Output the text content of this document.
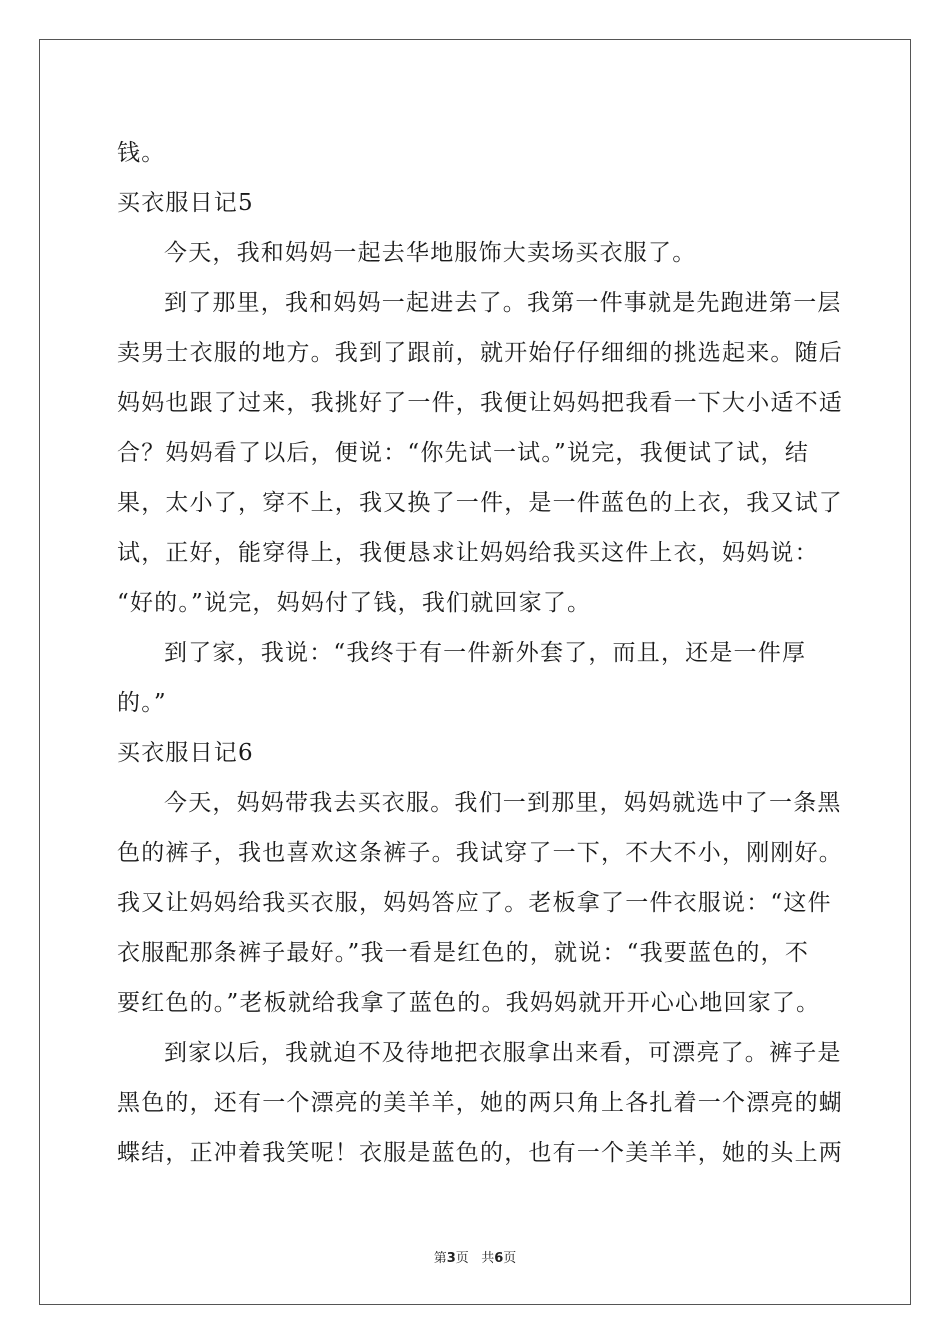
钱。
买衣服日记5
今天，我和妈妈一起去华地服饰大卖场买衣服了。
到了那里，我和妈妈一起进去了。我第一件事就是先跑进第一层
卖男士衣服的地方。我到了跟前，就开始仔仔细细的挑选起来。随后
妈妈也跟了过来，我挑好了一件，我便让妈妈把我看一下大小适不适
合？妈妈看了以后，便说：“你先试一试。”说完，我便试了试，结
果，太小了，穿不上，我又换了一件，是一件蓝色的上衣，我又试了
试，正好，能穿得上，我便恳求让妈妈给我买这件上衣，妈妈说：
“好的。”说完，妈妈付了钱，我们就回家了。
到了家，我说：“我终于有一件新外套了，而且，还是一件厚
的。”
买衣服日记6
今天，妈妈带我去买衣服。我们一到那里，妈妈就选中了一条黑
色的裤子，我也喜欢这条裤子。我试穿了一下，不大不小，刚刚好。
我又让妈妈给我买衣服，妈妈答应了。老板拿了一件衣服说：“这件
衣服配那条裤子最好。”我一看是红色的，就说：“我要蓝色的，不
要红色的。”老板就给我拿了蓝色的。我妈妈就开开心心地回家了。
到家以后，我就迫不及待地把衣服拿出来看，可漂亮了。裤子是
黑色的，还有一个漂亮的美羊羊，她的两只角上各扎着一个漂亮的蝴
蝶结，正冲着我笑呢！衣服是蓝色的，也有一个美羊羊，她的头上两
第3页 共6页
